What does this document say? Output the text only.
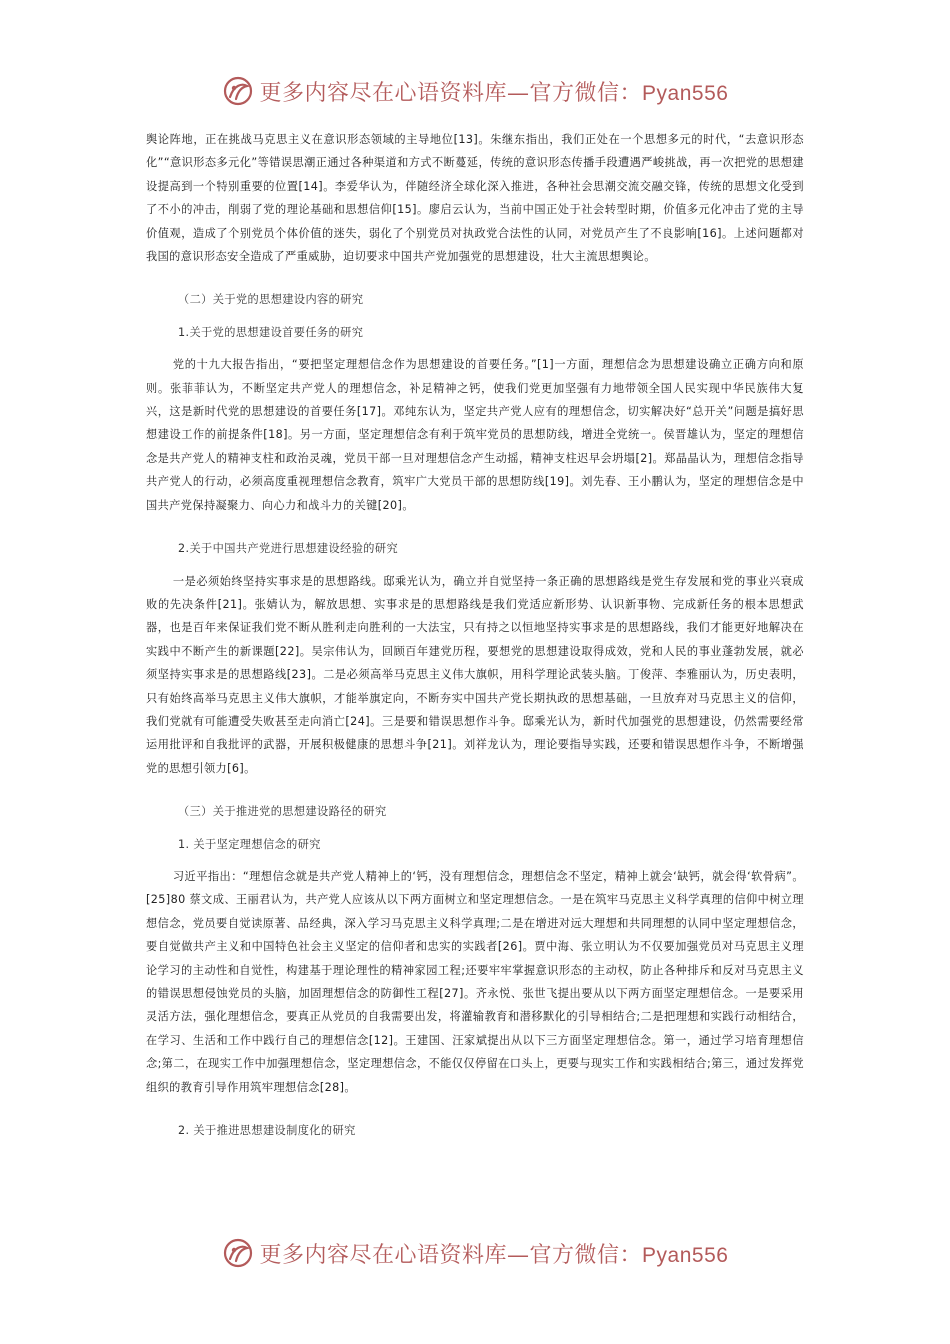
更多内容尽在心语资料库—官方微信：Pyan556

舆论阵地，正在挑战马克思主义在意识形态领域的主导地位[13]。朱继东指出，我们正处在一个思想多元的时代，“去意识形态化”“意识形态多元化”等错误思潮正通过各种渠道和方式不断蔓延，传统的意识形态传播手段遭遇严峻挑战，再一次把党的思想建设提高到一个特别重要的位置[14]。李爱华认为，伴随经济全球化深入推进，各种社会思潮交流交融交锋，传统的思想文化受到了不小的冲击，削弱了党的理论基础和思想信仰[15]。廖启云认为，当前中国正处于社会转型时期，价值多元化冲击了党的主导价值观，造成了个别党员个体价值的迷失，弱化了个别党员对执政党合法性的认同，对党员产生了不良影响[16]。上述问题都对我国的意识形态安全造成了严重威胁，迫切要求中国共产党加强党的思想建设，壮大主流思想舆论。

（二）关于党的思想建设内容的研究
1.关于党的思想建设首要任务的研究

党的十九大报告指出，“要把坚定理想信念作为思想建设的首要任务。”[1]一方面，理想信念为思想建设确立正确方向和原则。张菲菲认为，不断坚定共产党人的理想信念，补足精神之钙，使我们党更加坚强有力地带领全国人民实现中华民族伟大复兴，这是新时代党的思想建设的首要任务[17]。邓纯东认为，坚定共产党人应有的理想信念，切实解决好“总开关”问题是搞好思想建设工作的前提条件[18]。另一方面，坚定理想信念有利于筑牢党员的思想防线，增进全党统一。侯晋雄认为，坚定的理想信念是共产党人的精神支柱和政治灵魂，党员干部一旦对理想信念产生动摇，精神支柱迟早会坍塌[2]。郑晶晶认为，理想信念指导共产党人的行动，必须高度重视理想信念教育，筑牢广大党员干部的思想防线[19]。刘先春、王小鹏认为，坚定的理想信念是中国共产党保持凝聚力、向心力和战斗力的关键[20]。

2.关于中国共产党进行思想建设经验的研究

一是必须始终坚持实事求是的思想路线。邸乘光认为，确立并自觉坚持一条正确的思想路线是党生存发展和党的事业兴衰成败的先决条件[21]。张婧认为，解放思想、实事求是的思想路线是我们党适应新形势、认识新事物、完成新任务的根本思想武器，也是百年来保证我们党不断从胜利走向胜利的一大法宝，只有持之以恒地坚持实事求是的思想路线，我们才能更好地解决在实践中不断产生的新课题[22]。吴宗伟认为，回顾百年建党历程，要想党的思想建设取得成效，党和人民的事业蓬勃发展，就必须坚持实事求是的思想路线[23]。二是必须高举马克思主义伟大旗帜，用科学理论武装头脑。丁俊萍、李雅丽认为，历史表明，只有始终高举马克思主义伟大旗帜，才能举旗定向，不断夯实中国共产党长期执政的思想基础，一旦放弃对马克思主义的信仰，我们党就有可能遭受失败甚至走向消亡[24]。三是要和错误思想作斗争。邸乘光认为，新时代加强党的思想建设，仍然需要经常运用批评和自我批评的武器，开展积极健康的思想斗争[21]。刘祥龙认为，理论要指导实践，还要和错误思想作斗争，不断增强党的思想引领力[6]。

（三）关于推进党的思想建设路径的研究
1. 关于坚定理想信念的研究

习近平指出：“理想信念就是共产党人精神上的‘钙，没有理想信念，理想信念不坚定，精神上就会‘缺钙，就会得‘软骨病”。[25]80 蔡文成、王丽君认为，共产党人应该从以下两方面树立和坚定理想信念。一是在筑牢马克思主义科学真理的信仰中树立理想信念，党员要自觉读原著、品经典，深入学习马克思主义科学真理;二是在增进对远大理想和共同理想的认同中坚定理想信念，要自觉做共产主义和中国特色社会主义坚定的信仰者和忠实的实践者[26]。贾中海、张立明认为不仅要加强党员对马克思主义理论学习的主动性和自觉性，构建基于理论理性的精神家园工程;还要牢牢掌握意识形态的主动权，防止各种排斥和反对马克思主义的错误思想侵蚀党员的头脑，加固理想信念的防御性工程[27]。齐永悦、张世飞提出要从以下两方面坚定理想信念。一是要采用灵活方法，强化理想信念，要真正从党员的自我需要出发，将灌输教育和潜移默化的引导相结合;二是把理想和实践行动相结合，在学习、生活和工作中践行自己的理想信念[12]。王建国、汪家斌提出从以下三方面坚定理想信念。第一，通过学习培育理想信念;第二，在现实工作中加强理想信念，坚定理想信念，不能仅仅停留在口头上，更要与现实工作和实践相结合;第三，通过发挥党组织的教育引导作用筑牢理想信念[28]。

2. 关于推进思想建设制度化的研究
更多内容尽在心语资料库—官方微信：Pyan556
